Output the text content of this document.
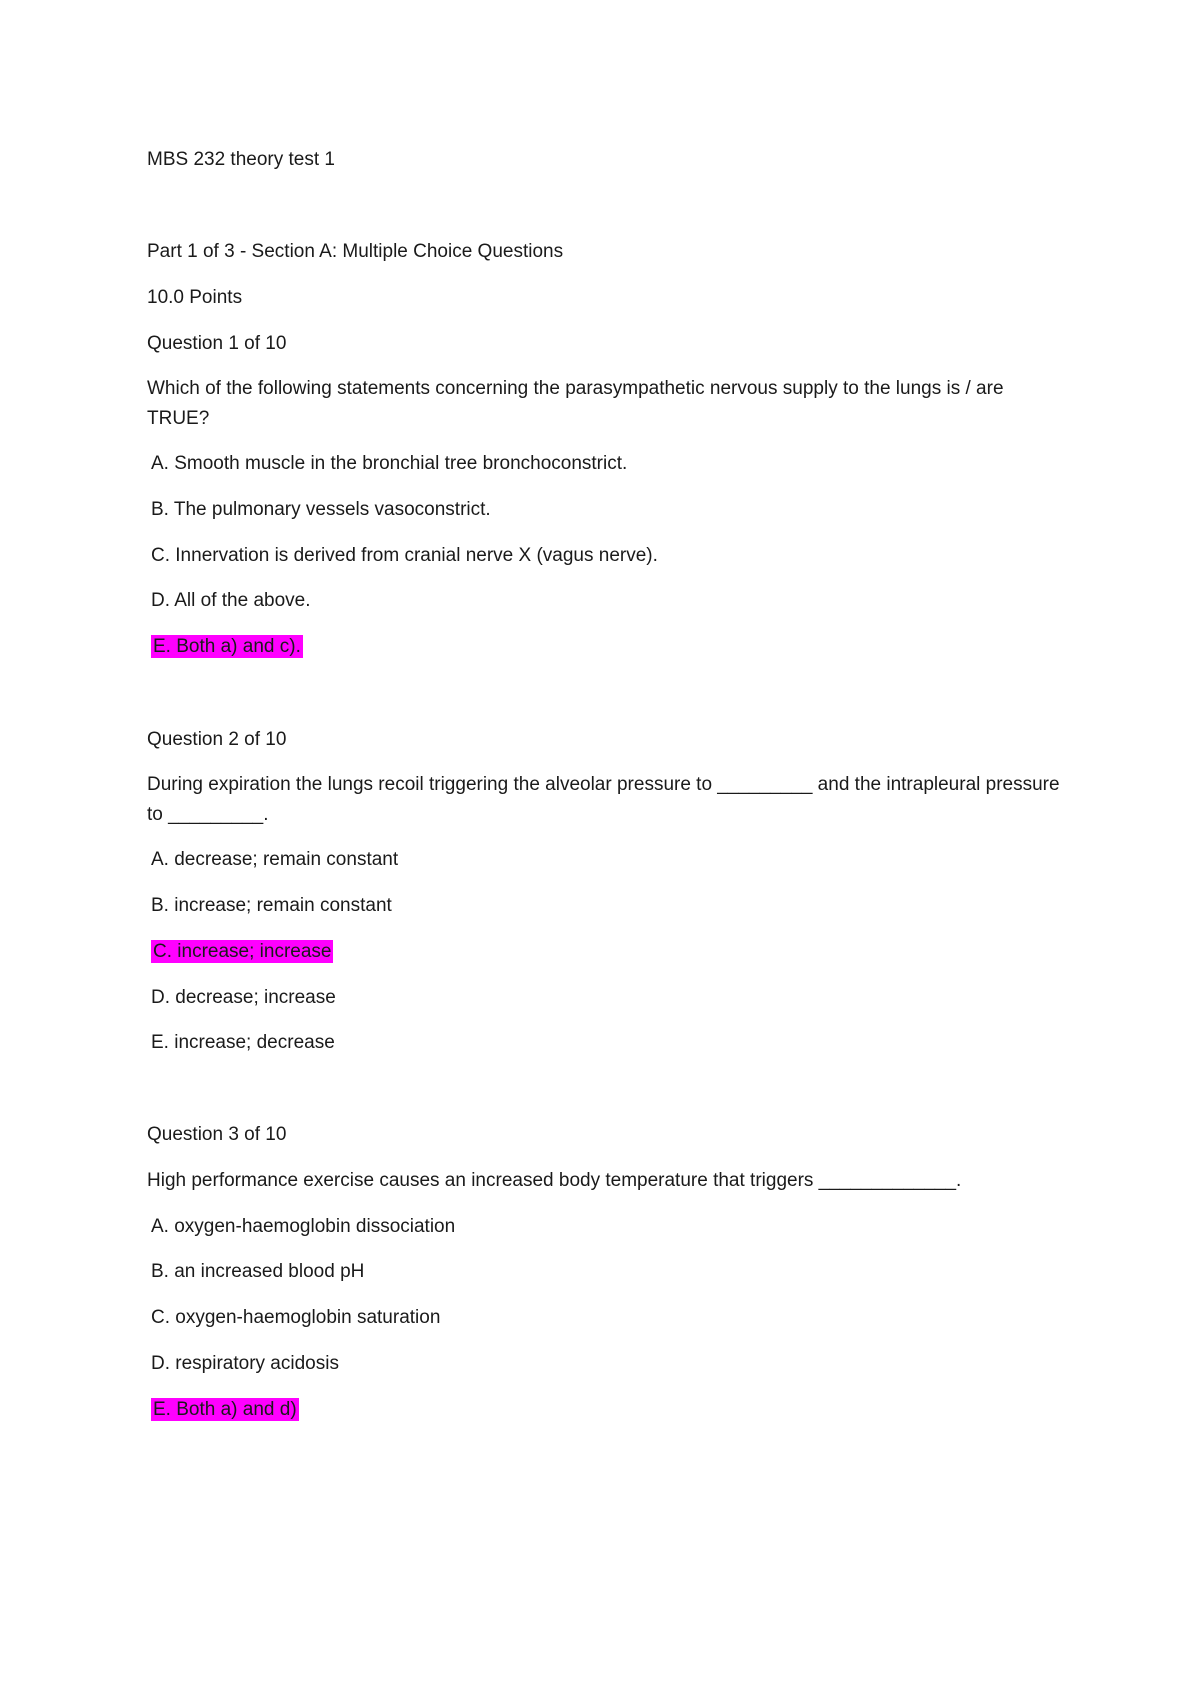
MBS 232 theory test 1
Part 1 of 3 - Section A: Multiple Choice Questions
10.0 Points
Question 1 of 10
Which of the following statements concerning the parasympathetic nervous supply to the lungs is / are TRUE?
A. Smooth muscle in the bronchial tree bronchoconstrict.
B. The pulmonary vessels vasoconstrict.
C. Innervation is derived from cranial nerve X (vagus nerve).
D. All of the above.
E. Both a) and c).
Question 2 of 10
During expiration the lungs recoil triggering the alveolar pressure to _________ and the intrapleural pressure to _________.
A. decrease; remain constant
B. increase; remain constant
C. increase; increase
D. decrease; increase
E. increase; decrease
Question 3 of 10
High performance exercise causes an increased body temperature that triggers _____________.
A. oxygen-haemoglobin dissociation
B. an increased blood pH
C. oxygen-haemoglobin saturation
D. respiratory acidosis
E. Both a) and d)
